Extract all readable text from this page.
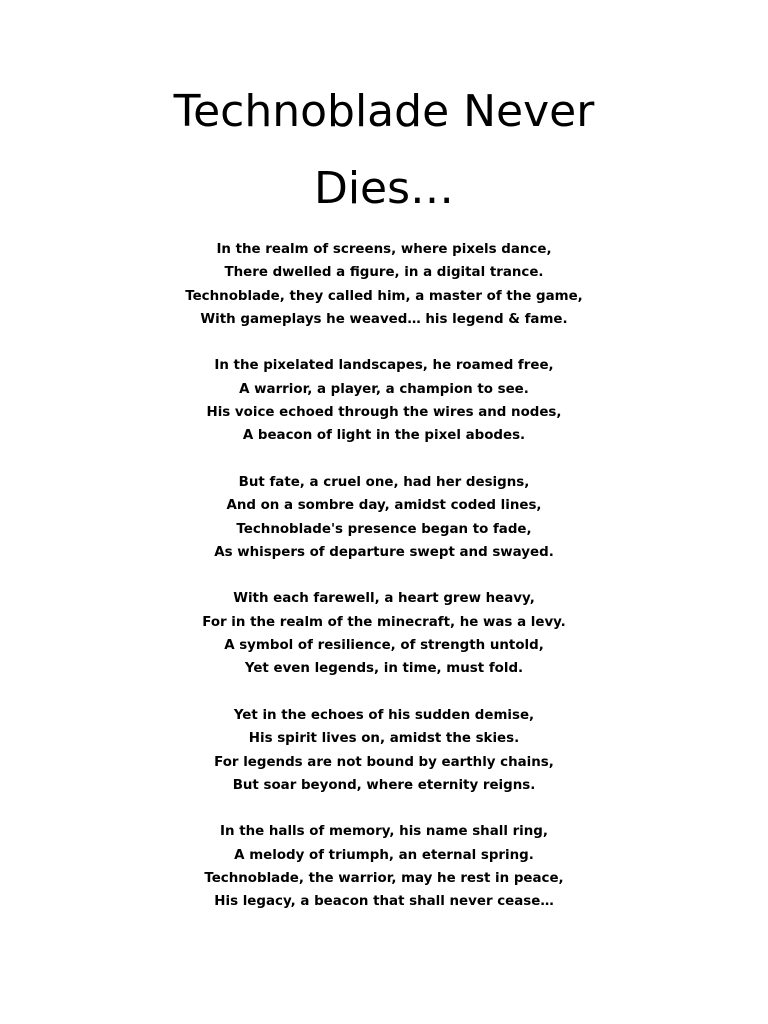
Technoblade Never
Dies…
In the realm of screens, where pixels dance,
There dwelled a figure, in a digital trance.
Technoblade, they called him, a master of the game,
With gameplays he weaved… his legend & fame.
In the pixelated landscapes, he roamed free,
A warrior, a player, a champion to see.
His voice echoed through the wires and nodes,
A beacon of light in the pixel abodes.
But fate, a cruel one, had her designs,
And on a sombre day, amidst coded lines,
Technoblade's presence began to fade,
As whispers of departure swept and swayed.
With each farewell, a heart grew heavy,
For in the realm of the minecraft, he was a levy.
A symbol of resilience, of strength untold,
Yet even legends, in time, must fold.
Yet in the echoes of his sudden demise,
His spirit lives on, amidst the skies.
For legends are not bound by earthly chains,
But soar beyond, where eternity reigns.
In the halls of memory, his name shall ring,
A melody of triumph, an eternal spring.
Technoblade, the warrior, may he rest in peace,
His legacy, a beacon that shall never cease…
